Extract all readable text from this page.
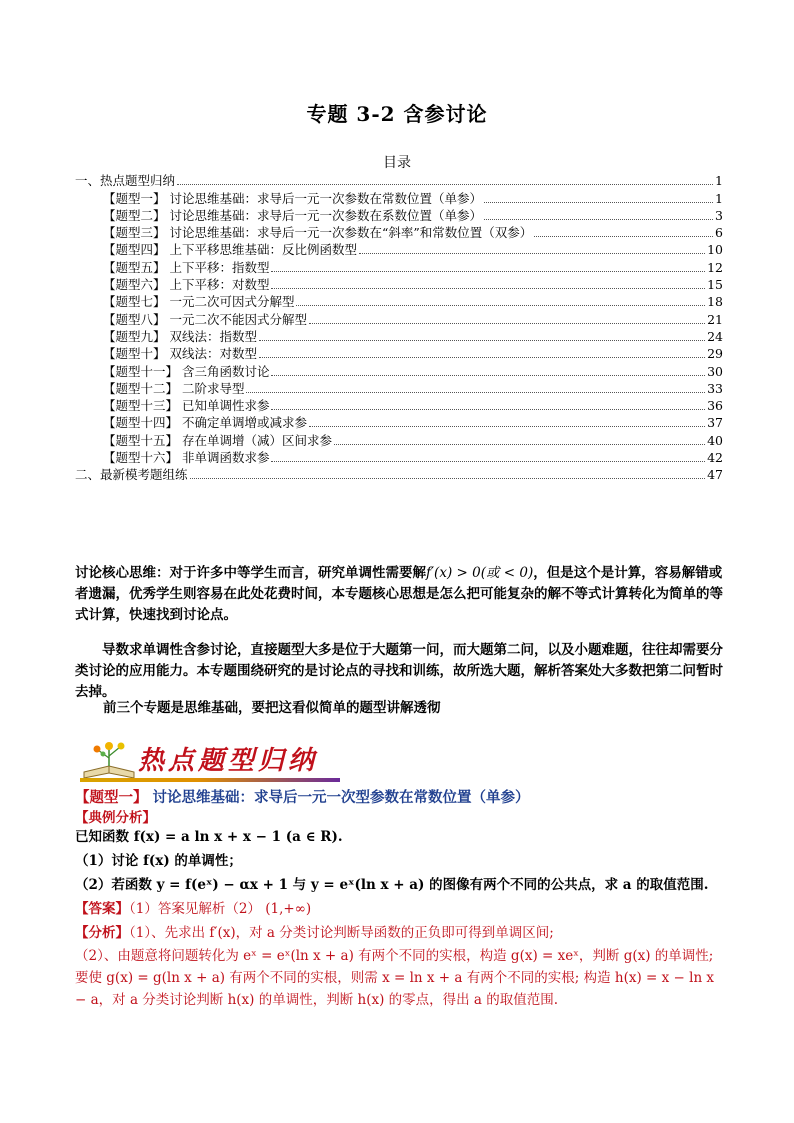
专题 3-2 含参讨论
目录
一、热点题型归纳	1
【题型一】 讨论思维基础：求导后一元一次参数在常数位置（单参）	1
【题型二】 讨论思维基础：求导后一元一次参数在系数位置（单参）	3
【题型三】 讨论思维基础：求导后一元一次参数在“斜率”和常数位置（双参）	6
【题型四】 上下平移思维基础：反比例函数型	10
【题型五】 上下平移：指数型	12
【题型六】 上下平移：对数型	15
【题型七】 一元二次可因式分解型	18
【题型八】 一元二次不能因式分解型	21
【题型九】 双线法：指数型	24
【题型十】 双线法：对数型	29
【题型十一】 含三角函数讨论	30
【题型十二】 二阶求导型	33
【题型十三】 已知单调性求参	36
【题型十四】 不确定单调增或减求参	37
【题型十五】 存在单调增（减）区间求参	40
【题型十六】 非单调函数求参	42
二、最新模考题组练	47
讨论核心思维：对于许多中等学生而言，研究单调性需要解f′(x) > 0(或 < 0)，但是这个是计算，容易解错或者遗漏，优秀学生则容易在此处花费时间，本专题核心思想是怎么把可能复杂的解不等式计算转化为简单的等式计算，快速找到讨论点。
导数求单调性含参讨论，直接题型大多是位于大题第一问，而大题第二问，以及小题难题，往往却需要分类讨论的应用能力。本专题围绕研究的是讨论点的寻找和训练，故所选大题，解析答案处大多数把第二问暂时去掉。
前三个专题是思维基础，要把这看似简单的题型讲解透彻
热点题型归纳
【题型一】 讨论思维基础：求导后一元一次型参数在常数位置（单参）
【典例分析】
已知函数 f(x) = a ln x + x − 1 (a ∈ R).
（1）讨论 f(x) 的单调性；
（2）若函数 y = f(eˣ) − αx + 1 与 y = eˣ(ln x + a) 的图像有两个不同的公共点，求 a 的取值范围.
【答案】（1）答案见解析（2） (1,+∞)
【分析】（1）、先求出 f′(x)，对 a 分类讨论判断导函数的正负即可得到单调区间;
（2）、由题意将问题转化为 eˣ = eˣ(ln x + a) 有两个不同的实根，构造 g(x) = xeˣ，判断 g(x) 的单调性; 要使 g(x) = g(ln x + a) 有两个不同的实根，则需 x = ln x + a 有两个不同的实根; 构造 h(x) = x − ln x − a，对 a 分类讨论判断 h(x) 的单调性，判断 h(x) 的零点，得出 a 的取值范围.
